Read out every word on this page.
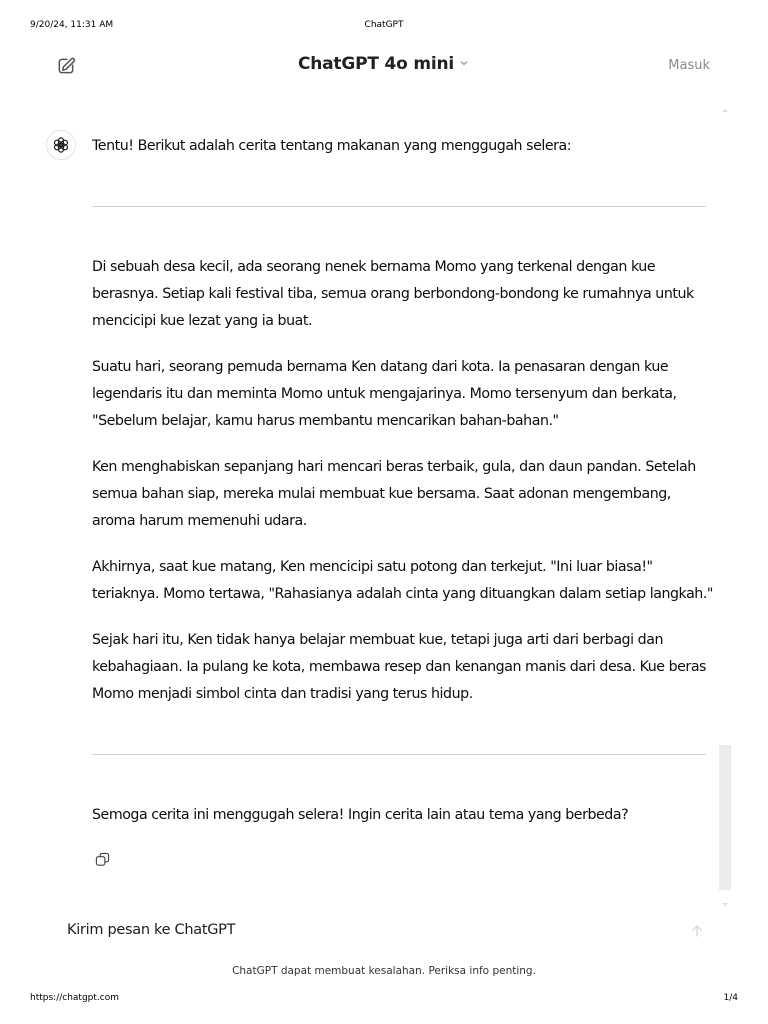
9/20/24, 11:31 AM	ChatGPT
ChatGPT 4o mini	Masuk

Tentu! Berikut adalah cerita tentang makanan yang menggugah selera:

Di sebuah desa kecil, ada seorang nenek bernama Momo yang terkenal dengan kue berasnya. Setiap kali festival tiba, semua orang berbondong-bondong ke rumahnya untuk mencicipi kue lezat yang ia buat.

Suatu hari, seorang pemuda bernama Ken datang dari kota. Ia penasaran dengan kue legendaris itu dan meminta Momo untuk mengajarinya. Momo tersenyum dan berkata, "Sebelum belajar, kamu harus membantu mencarikan bahan-bahan."

Ken menghabiskan sepanjang hari mencari beras terbaik, gula, dan daun pandan. Setelah semua bahan siap, mereka mulai membuat kue bersama. Saat adonan mengembang, aroma harum memenuhi udara.

Akhirnya, saat kue matang, Ken mencicipi satu potong dan terkejut. "Ini luar biasa!" teriaknya. Momo tertawa, "Rahasianya adalah cinta yang dituangkan dalam setiap langkah."

Sejak hari itu, Ken tidak hanya belajar membuat kue, tetapi juga arti dari berbagi dan kebahagiaan. Ia pulang ke kota, membawa resep dan kenangan manis dari desa. Kue beras Momo menjadi simbol cinta dan tradisi yang terus hidup.

Semoga cerita ini menggugah selera! Ingin cerita lain atau tema yang berbeda?

Kirim pesan ke ChatGPT
ChatGPT dapat membuat kesalahan. Periksa info penting.
https://chatgpt.com	1/4
